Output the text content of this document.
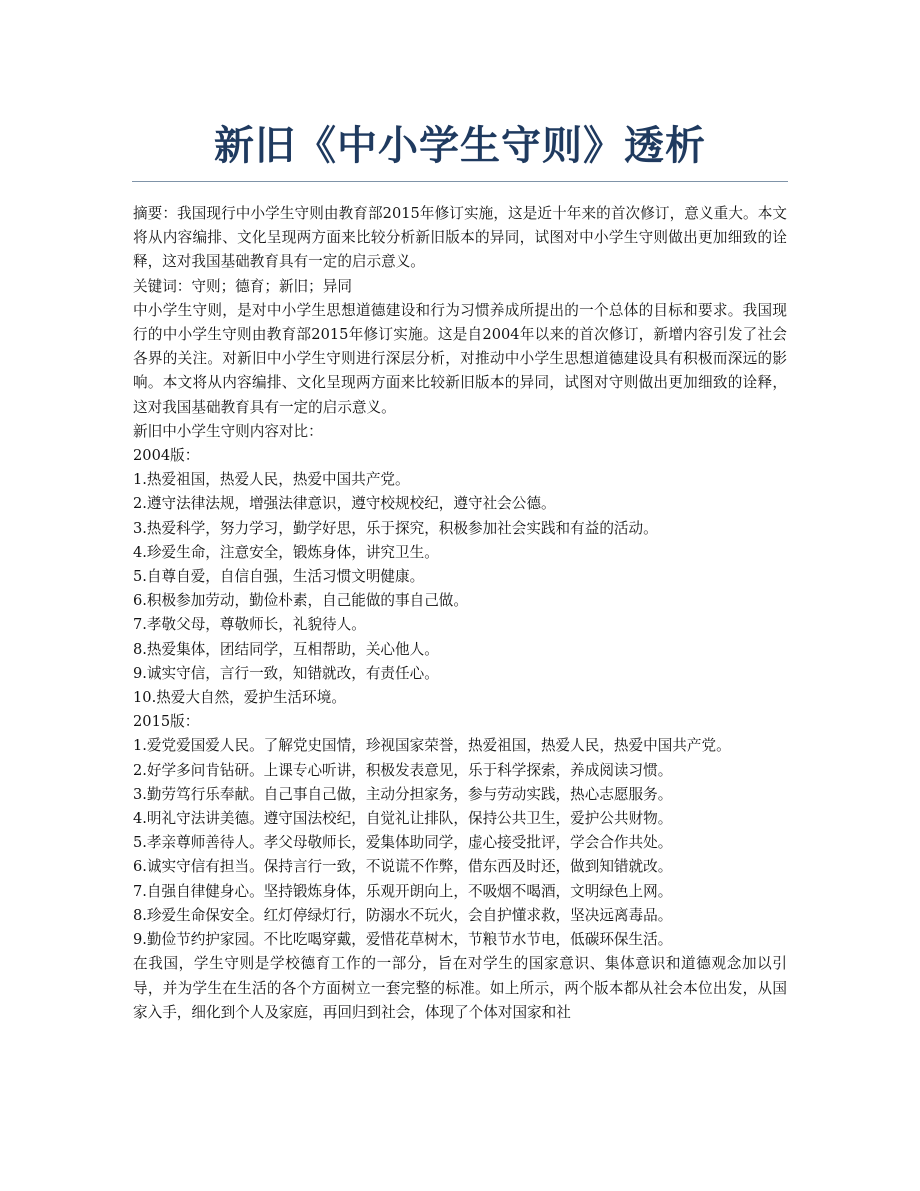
新旧《中小学生守则》透析

摘要：我国现行中小学生守则由教育部2015年修订实施，这是近十年来的首次修订，意义重大。本文将从内容编排、文化呈现两方面来比较分析新旧版本的异同，试图对中小学生守则做出更加细致的诠释，这对我国基础教育具有一定的启示意义。

关键词：守则；德育；新旧；异同

中小学生守则，是对中小学生思想道德建设和行为习惯养成所提出的一个总体的目标和要求。我国现行的中小学生守则由教育部2015年修订实施。这是自2004年以来的首次修订，新增内容引发了社会各界的关注。对新旧中小学生守则进行深层分析，对推动中小学生思想道德建设具有积极而深远的影响。本文将从内容编排、文化呈现两方面来比较新旧版本的异同，试图对守则做出更加细致的诠释，这对我国基础教育具有一定的启示意义。

新旧中小学生守则内容对比：

2004版：

1.热爱祖国，热爱人民，热爱中国共产党。

2.遵守法律法规，增强法律意识，遵守校规校纪，遵守社会公德。

3.热爱科学，努力学习，勤学好思，乐于探究，积极参加社会实践和有益的活动。

4.珍爱生命，注意安全，锻炼身体，讲究卫生。

5.自尊自爱，自信自强，生活习惯文明健康。

6.积极参加劳动，勤俭朴素，自己能做的事自己做。

7.孝敬父母，尊敬师长，礼貌待人。

8.热爱集体，团结同学，互相帮助，关心他人。

9.诚实守信，言行一致，知错就改，有责任心。

10.热爱大自然，爱护生活环境。

2015版：

1.爱党爱国爱人民。了解党史国情，珍视国家荣誉，热爱祖国，热爱人民，热爱中国共产党。

2.好学多问肯钻研。上课专心听讲，积极发表意见，乐于科学探索，养成阅读习惯。

3.勤劳笃行乐奉献。自己事自己做，主动分担家务，参与劳动实践，热心志愿服务。

4.明礼守法讲美德。遵守国法校纪，自觉礼让排队，保持公共卫生，爱护公共财物。

5.孝亲尊师善待人。孝父母敬师长，爱集体助同学，虚心接受批评，学会合作共处。

6.诚实守信有担当。保持言行一致，不说谎不作弊，借东西及时还，做到知错就改。

7.自强自律健身心。坚持锻炼身体，乐观开朗向上，不吸烟不喝酒，文明绿色上网。

8.珍爱生命保安全。红灯停绿灯行，防溺水不玩火，会自护懂求救，坚决远离毒品。

9.勤俭节约护家园。不比吃喝穿戴，爱惜花草树木，节粮节水节电，低碳环保生活。

在我国，学生守则是学校德育工作的一部分，旨在对学生的国家意识、集体意识和道德观念加以引导，并为学生在生活的各个方面树立一套完整的标准。如上所示，两个版本都从社会本位出发，从国家入手，细化到个人及家庭，再回归到社会，体现了个体对国家和社
